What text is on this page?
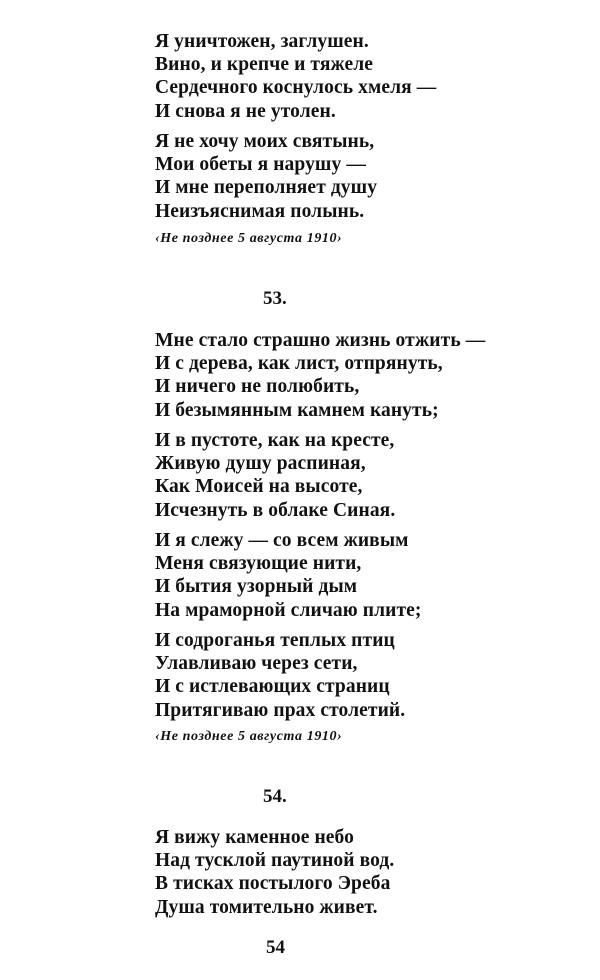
Я уничтожен, заглушен.
Вино, и крепче и тяжеле
Сердечного коснулось хмеля —
И снова я не утолен.
Я не хочу моих святынь,
Мои обеты я нарушу —
И мне переполняет душу
Неизъяснимая полынь.
‹Не позднее 5 августа 1910›
53.
Мне стало страшно жизнь отжить —
И с дерева, как лист, отпрянуть,
И ничего не полюбить,
И безымянным камнем кануть;
И в пустоте, как на кресте,
Живую душу распиная,
Как Моисей на высоте,
Исчезнуть в облаке Синая.
И я слежу — со всем живым
Меня связующие нити,
И бытия узорный дым
На мраморной сличаю плите;
И содроганья теплых птиц
Улавливаю через сети,
И с истлевающих страниц
Притягиваю прах столетий.
‹Не позднее 5 августа 1910›
54.
Я вижу каменное небо
Над тусклой паутиной вод.
В тисках постылого Эреба
Душа томительно живет.
54
